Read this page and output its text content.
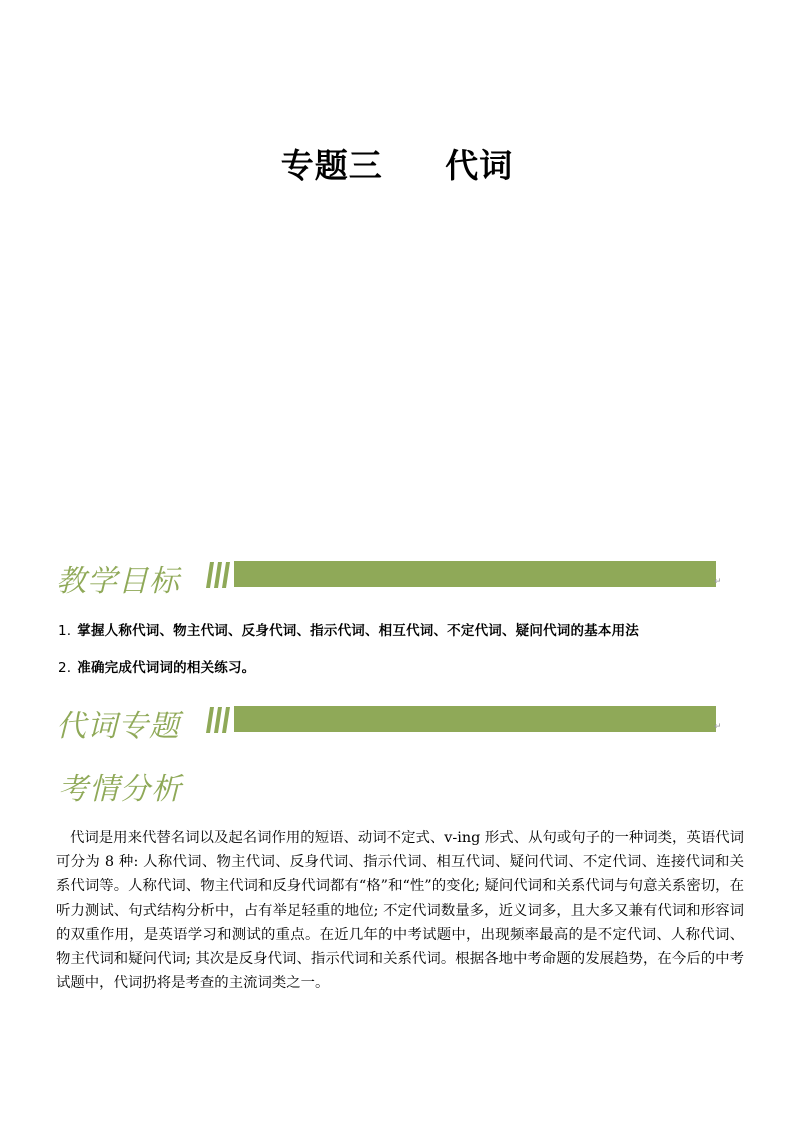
专题三     代词
教学目标	↵
1. 掌握人称代词、物主代词、反身代词、指示代词、相互代词、不定代词、疑问代词的基本用法
2. 准确完成代词词的相关练习。
代词专题	↵
考情分析
代词是用来代替名词以及起名词作用的短语、动词不定式、v-ing 形式、从句或句子的一种词类，英语代词可分为 8 种: 人称代词、物主代词、反身代词、指示代词、相互代词、疑问代词、不定代词、连接代词和关系代词等。人称代词、物主代词和反身代词都有“格”和“性”的变化; 疑问代词和关系代词与句意关系密切，在听力测试、句式结构分析中，占有举足轻重的地位; 不定代词数量多，近义词多，且大多又兼有代词和形容词的双重作用，是英语学习和测试的重点。在近几年的中考试题中，出现频率最高的是不定代词、人称代词、物主代词和疑问代词; 其次是反身代词、指示代词和关系代词。根据各地中考命题的发展趋势，在今后的中考试题中，代词扔将是考查的主流词类之一。
